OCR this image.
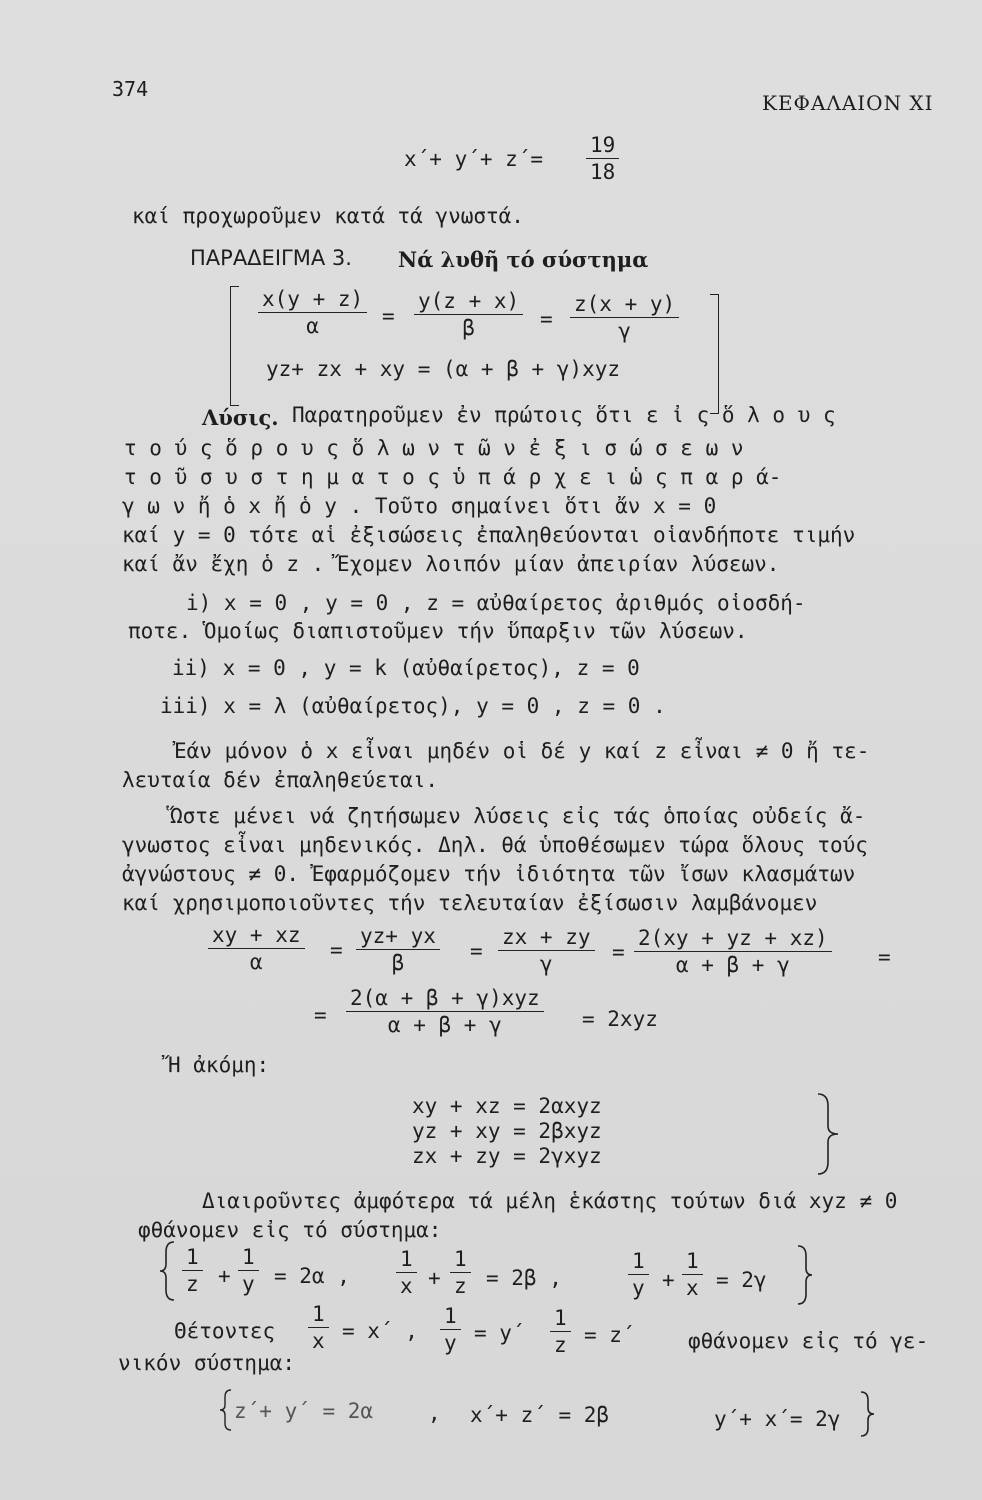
374
ΚΕΦΑΛΑΙΟΝ ΧΙ
$x΄+ y΄+ z΄= \frac{19}{18}$
καί προχωροῦμεν κατά τά γνωστά.
ΠΑΡΑΔΕΙΓΜΑ 3. Νά λυθῆ τό σύστημα
$\frac{x(y + z)}{\alpha} = \frac{y(z + x)}{\beta} = \frac{z(x + y)}{\gamma}$
yz+ zx + xy = (α + β + γ)xyz
Λύσις. Παρατηροῦμεν ἐν πρώτοις ὅτι ε ἰ ς ὅ λ ο υ ς
τ ο ύ ς ὅ ρ ο υ ς ὅ λ ω ν τ ῶ ν ἐ ξ ι σ ώ σ ε ω ν
τ ο ῦ σ υ σ τ η μ α τ ο ς ὑ π ά ρ χ ε ι ὡ ς π α ρ ά-
γ ω ν ἤ ὁ x ἤ ὁ y . Τοῦτο σημαίνει ὅτι ἄν x = 0
καί y = 0 τότε αἱ ἐξισώσεις ἐπαληθεύονται οἱανδήποτε τιμήν
καί ἄν ἔχη ὁ z . Ἔχομεν λοιπόν μίαν ἀπειρίαν λύσεων.
i) x = 0 , y = 0 , z = αὐθαίρετος ἀριθμός οἱοσδή-
ποτε. Ὁμοίως διαπιστοῦμεν τήν ὕπαρξιν τῶν λύσεων.
ii) x = 0 , y = k (αὐθαίρετος), z = 0
iii) x = λ (αὐθαίρετος), y = 0 , z = 0 .
Ἐάν μόνον ὁ x εἶναι μηδέν οἱ δέ y καί z εἶναι ≠ 0 ἤ τε-
λευταία δέν ἐπαληθεύεται.
Ὥστε μένει νά ζητήσωμεν λύσεις εἰς τάς ὁποίας οὐδείς ἄ-
γνωστος εἶναι μηδενικός. Δηλ. θά ὑποθέσωμεν τώρα ὅλους τούς
ἀγνώστους ≠ 0. Ἐφαρμόζομεν τήν ἰδιότητα τῶν ἴσων κλασμάτων
καί χρησιμοποιοῦντες τήν τελευταίαν ἐξίσωσιν λαμβάνομεν
$\frac{xy + xz}{\alpha} = \frac{yz+ yx}{\beta} = \frac{zx + zy}{\gamma} = \frac{2(xy + yz + xz)}{\alpha + \beta + \gamma}$ =
=
2(α + β + γ)xyz
α + β + γ	= 2xyz
Ἤ ἀκόμη:
xy + xz = 2αxyz
yz + xy = 2βxyz
zx + zy = 2γxyz
Διαιροῦντες ἀμφότερα τά μέλη ἑκάστης τούτων διά xyz ≠ 0
φθάνομεν εἰς τό σύστημα:
$\frac{1}{z} + \frac{1}{y} = 2\alpha$ , $\frac{1}{x} + \frac{1}{z} = 2\beta$ ,	$\frac{1}{y} + \frac{1}{x} = 2\gamma$
Θέτοντες $\frac{1}{x} = x΄$ , $\frac{1}{y} = y΄ \frac{1}{z} = z΄$	φθάνομεν εἰς τό γε-
νικόν σύστημα:
z΄+ y΄ = 2α	, x΄+ z΄ = 2β	y΄+ x΄= 2γ
